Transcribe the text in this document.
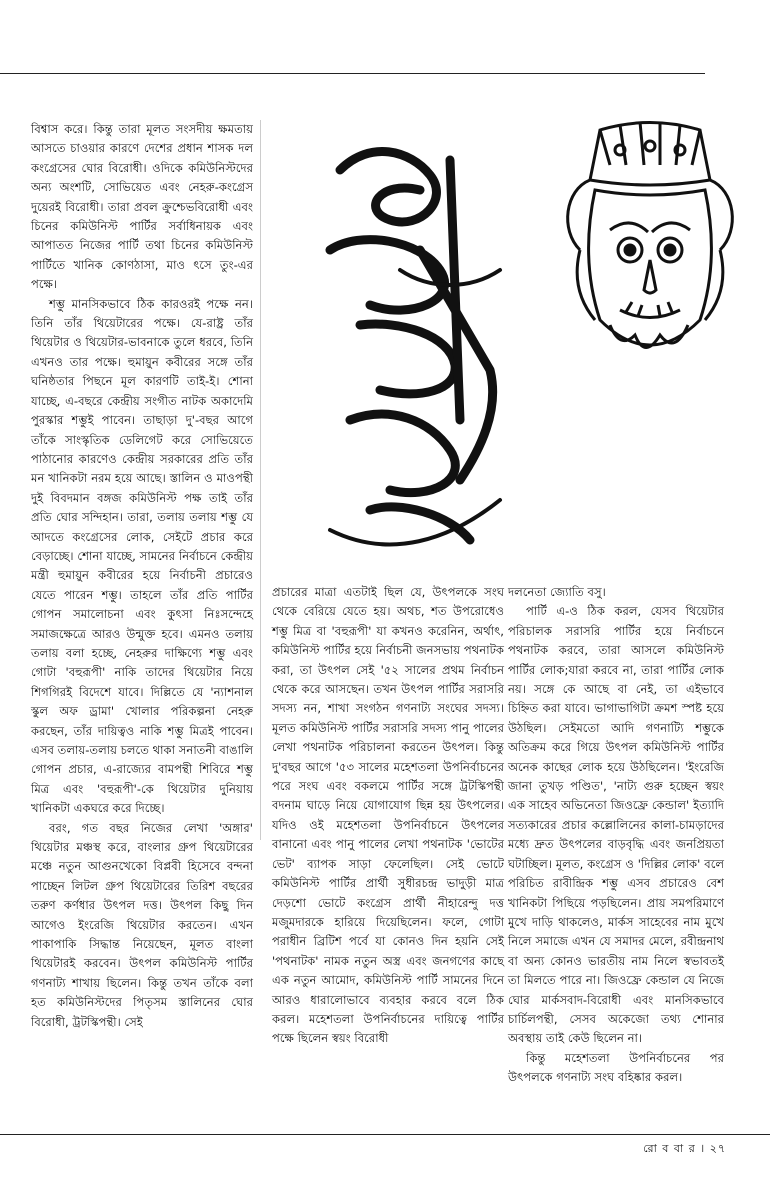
বিশ্বাস করে। কিন্তু তারা মূলত সংসদীয় ক্ষমতায় আসতে চাওয়ার কারণে দেশের প্রধান শাসক দল কংগ্রেসের ঘোর বিরোধী। ওদিকে কমিউনিস্টদের অন্য অংশটি, সোভিয়েত এবং নেহরু-কংগ্রেস দুয়েরই বিরোধী। তারা প্রবল ক্রুশ্চেভবিরোধী এবং চিনের কমিউনিস্ট পার্টির সর্বাধিনায়ক এবং আপাতত নিজের পার্টি তথা চিনের কমিউনিস্ট পার্টিতে খানিক কোণঠাসা, মাও ৎসে তুং-এর পক্ষে।

শম্ভু মানসিকভাবে ঠিক কারওরই পক্ষে নন। তিনি তাঁর থিয়েটারের পক্ষে। যে-রাষ্ট্র তাঁর থিয়েটার ও থিয়েটার-ভাবনাকে তুলে ধরবে, তিনি এখনও তার পক্ষে। হুমায়ুন কবীরের সঙ্গে তাঁর ঘনিষ্ঠতার পিছনে মূল কারণটি তাই-ই। শোনা যাচ্ছে, এ-বছরে কেন্দ্রীয় সংগীত নাটক অকাদেমি পুরস্কার শম্ভুই পাবেন। তাছাড়া দু'-বছর আগে তাঁকে সাংস্কৃতিক ডেলিগেট করে সোভিয়েতে পাঠানোর কারণেও কেন্দ্রীয় সরকারের প্রতি তাঁর মন খানিকটা নরম হয়ে আছে। স্তালিন ও মাওপন্থী দুই বিবদমান বঙ্গজ কমিউনিস্ট পক্ষ তাই তাঁর প্রতি ঘোর সন্দিহান। তারা, তলায় তলায় শম্ভু যে আদতে কংগ্রেসের লোক, সেইটে প্রচার করে বেড়াচ্ছে। শোনা যাচ্ছে, সামনের নির্বাচনে কেন্দ্রীয় মন্ত্রী হুমায়ুন কবীরের হয়ে নির্বাচনী প্রচারেও যেতে পারেন শম্ভু। তাহলে তাঁর প্রতি পার্টির গোপন সমালোচনা এবং কুৎসা নিঃসন্দেহে সমাজক্ষেত্রে আরও উন্মুক্ত হবে। এমনও তলায় তলায় বলা হচ্ছে, নেহরুর দাক্ষিণ্যে শম্ভু এবং গোটা 'বহুরূপী' নাকি তাদের থিয়েটার নিয়ে শিগগিরই বিদেশে যাবে। দিল্লিতে যে 'ন্যাশনাল স্কুল অফ ড্রামা' খোলার পরিকল্পনা নেহরু করছেন, তাঁর দায়িত্বও নাকি শম্ভু মিত্রই পাবেন। এসব তলায়-তলায় চলতে থাকা সনাতনী বাঙালি গোপন প্রচার, এ-রাজ্যের বামপন্থী শিবিরে শম্ভু মিত্র এবং 'বহুরূপী'-কে থিয়েটার দুনিয়ায় খানিকটা একঘরে করে দিচ্ছে।

বরং, গত বছর নিজের লেখা 'অঙ্গার' থিয়েটার মঞ্চস্থ করে, বাংলার গ্রুপ থিয়েটারের মঞ্চে নতুন আগুনখেকো বিপ্লবী হিসেবে বন্দনা পাচ্ছেন লিটল গ্রুপ থিয়েটারের তিরিশ বছরের তরুণ কর্ণধার উৎপল দত্ত। উৎপল কিছু দিন আগেও ইংরেজি থিয়েটার করতেন। এখন পাকাপাকি সিদ্ধান্ত নিয়েছেন, মূলত বাংলা থিয়েটারই করবেন। উৎপল কমিউনিস্ট পার্টির গণনাট্য শাখায় ছিলেন। কিন্তু তখন তাঁকে বলা হত কমিউনিস্টদের পিতৃসম স্তালিনের ঘোর বিরোধী, ট্রটস্কিপন্থী। সেই

প্রচারের মাত্রা এতটাই ছিল যে, উৎপলকে সংঘ থেকে বেরিয়ে যেতে হয়। অথচ, শত উপরোধেও শম্ভু মিত্র বা 'বহুরূপী' যা কখনও করেনিন, অর্থাৎ, কমিউনিস্ট পার্টির হয়ে নির্বাচনী জনসভায় পথনাটক করা, তা উৎপল সেই '৫২ সালের প্রথম নির্বাচন থেকে করে আসছেন। তখন উৎপল পার্টির সরাসরি সদস্য নন, শাখা সংগঠন গণনাট্য সংঘের সদস্য। মূলত কমিউনিস্ট পার্টির সরাসরি সদস্য পানু পালের লেখা পথনাটক পরিচালনা করতেন উৎপল। কিন্তু দু'বছর আগে '৫৩ সালের মহেশতলা উপনির্বাচনের পরে সংঘ এবং বকলমে পার্টির সঙ্গে ট্রটস্কিপন্থী বদনাম ঘাড়ে নিয়ে যোগাযোগ ছিন্ন হয় উৎপলের। যদিও ওই মহেশতলা উপনির্বাচনে উৎপলের বানানো এবং পানু পালের লেখা পথনাটক 'ভোটের ভেট' ব্যাপক সাড়া ফেলেছিল। সেই ভোটে কমিউনিস্ট পার্টির প্রার্থী সুধীরচন্দ্র ভাদুড়ী মাত্র দেড়শো ভোটে কংগ্রেস প্রার্থী নীহারেন্দু দত্ত মজুমদারকে হারিয়ে দিয়েছিলেন। ফলে, গোটা পরাধীন ব্রিটিশ পর্বে যা কোনও দিন হয়নি সেই 'পথনাটক' নামক নতুন অস্ত্র এবং জনগণের কাছে এক নতুন আমোদ, কমিউনিস্ট পার্টি সামনের দিনে আরও ধারালোভাবে ব্যবহার করবে বলে ঠিক করল। মহেশতলা উপনির্বাচনের দায়িত্বে পার্টির পক্ষে ছিলেন স্বয়ং বিরোধী

দলনেতা জ্যোতি বসু।

পার্টি এ-ও ঠিক করল, যেসব থিয়েটার পরিচালক সরাসরি পার্টির হয়ে নির্বাচনে পথনাটক করবে, তারা আসলে কমিউনিস্ট পার্টির লোক;যারা করবে না, তারা পার্টির লোক নয়। সঙ্গে কে আছে বা নেই, তা এইভাবে চিহ্নিত করা যাবে। ভাগাভাগিটা ক্রমশ স্পষ্ট হয়ে উঠছিল। সেইমতো আদি গণনাট্যি শম্ভুকে অতিক্রম করে গিয়ে উৎপল কমিউনিস্ট পার্টির অনেক কাছের লোক হয়ে উঠছিলেন। 'ইংরেজি জানা তুখড় পণ্ডিত', 'নাট্য গুরু হচ্ছেন স্বয়ং এক সাহেব অভিনেতা জিওফ্রে কেন্ডাল' ইত্যাদি সত্যকারের প্রচার কল্লোলিনের কালা-চামড়াদের মধ্যে দ্রুত উৎপলের বাড়বৃদ্ধি এবং জনপ্রিয়তা ঘটাচ্ছিল। মূলত, কংগ্রেস ও 'দিল্লির লোক' বলে পরিচিত রাবীন্দ্রিক শম্ভু এসব প্রচারেও বেশ খানিকটা পিছিয়ে পড়ছিলেন। প্রায় সমপরিমাণে মুখে দাড়ি থাকলেও, মার্কস সাহেবের নাম মুখে নিলে সমাজে এখন যে সমাদর মেলে, রবীন্দ্রনাথ বা অন্য কোনও ভারতীয় নাম নিলে স্বভাবতই তা মিলতে পারে না। জিওফ্রে কেন্ডাল যে নিজে ঘোর মার্কসবাদ-বিরোধী এবং মানসিকভাবে চার্চিলপন্থী, সেসব অকেজো তথ্য শোনার অবস্থায় তাই কেউ ছিলেন না।

কিন্তু মহেশতলা উপনির্বাচনের পর উৎপলকে গণনাট্য সংঘ বহিষ্কার করল।

রো ব বা র । ২৭
